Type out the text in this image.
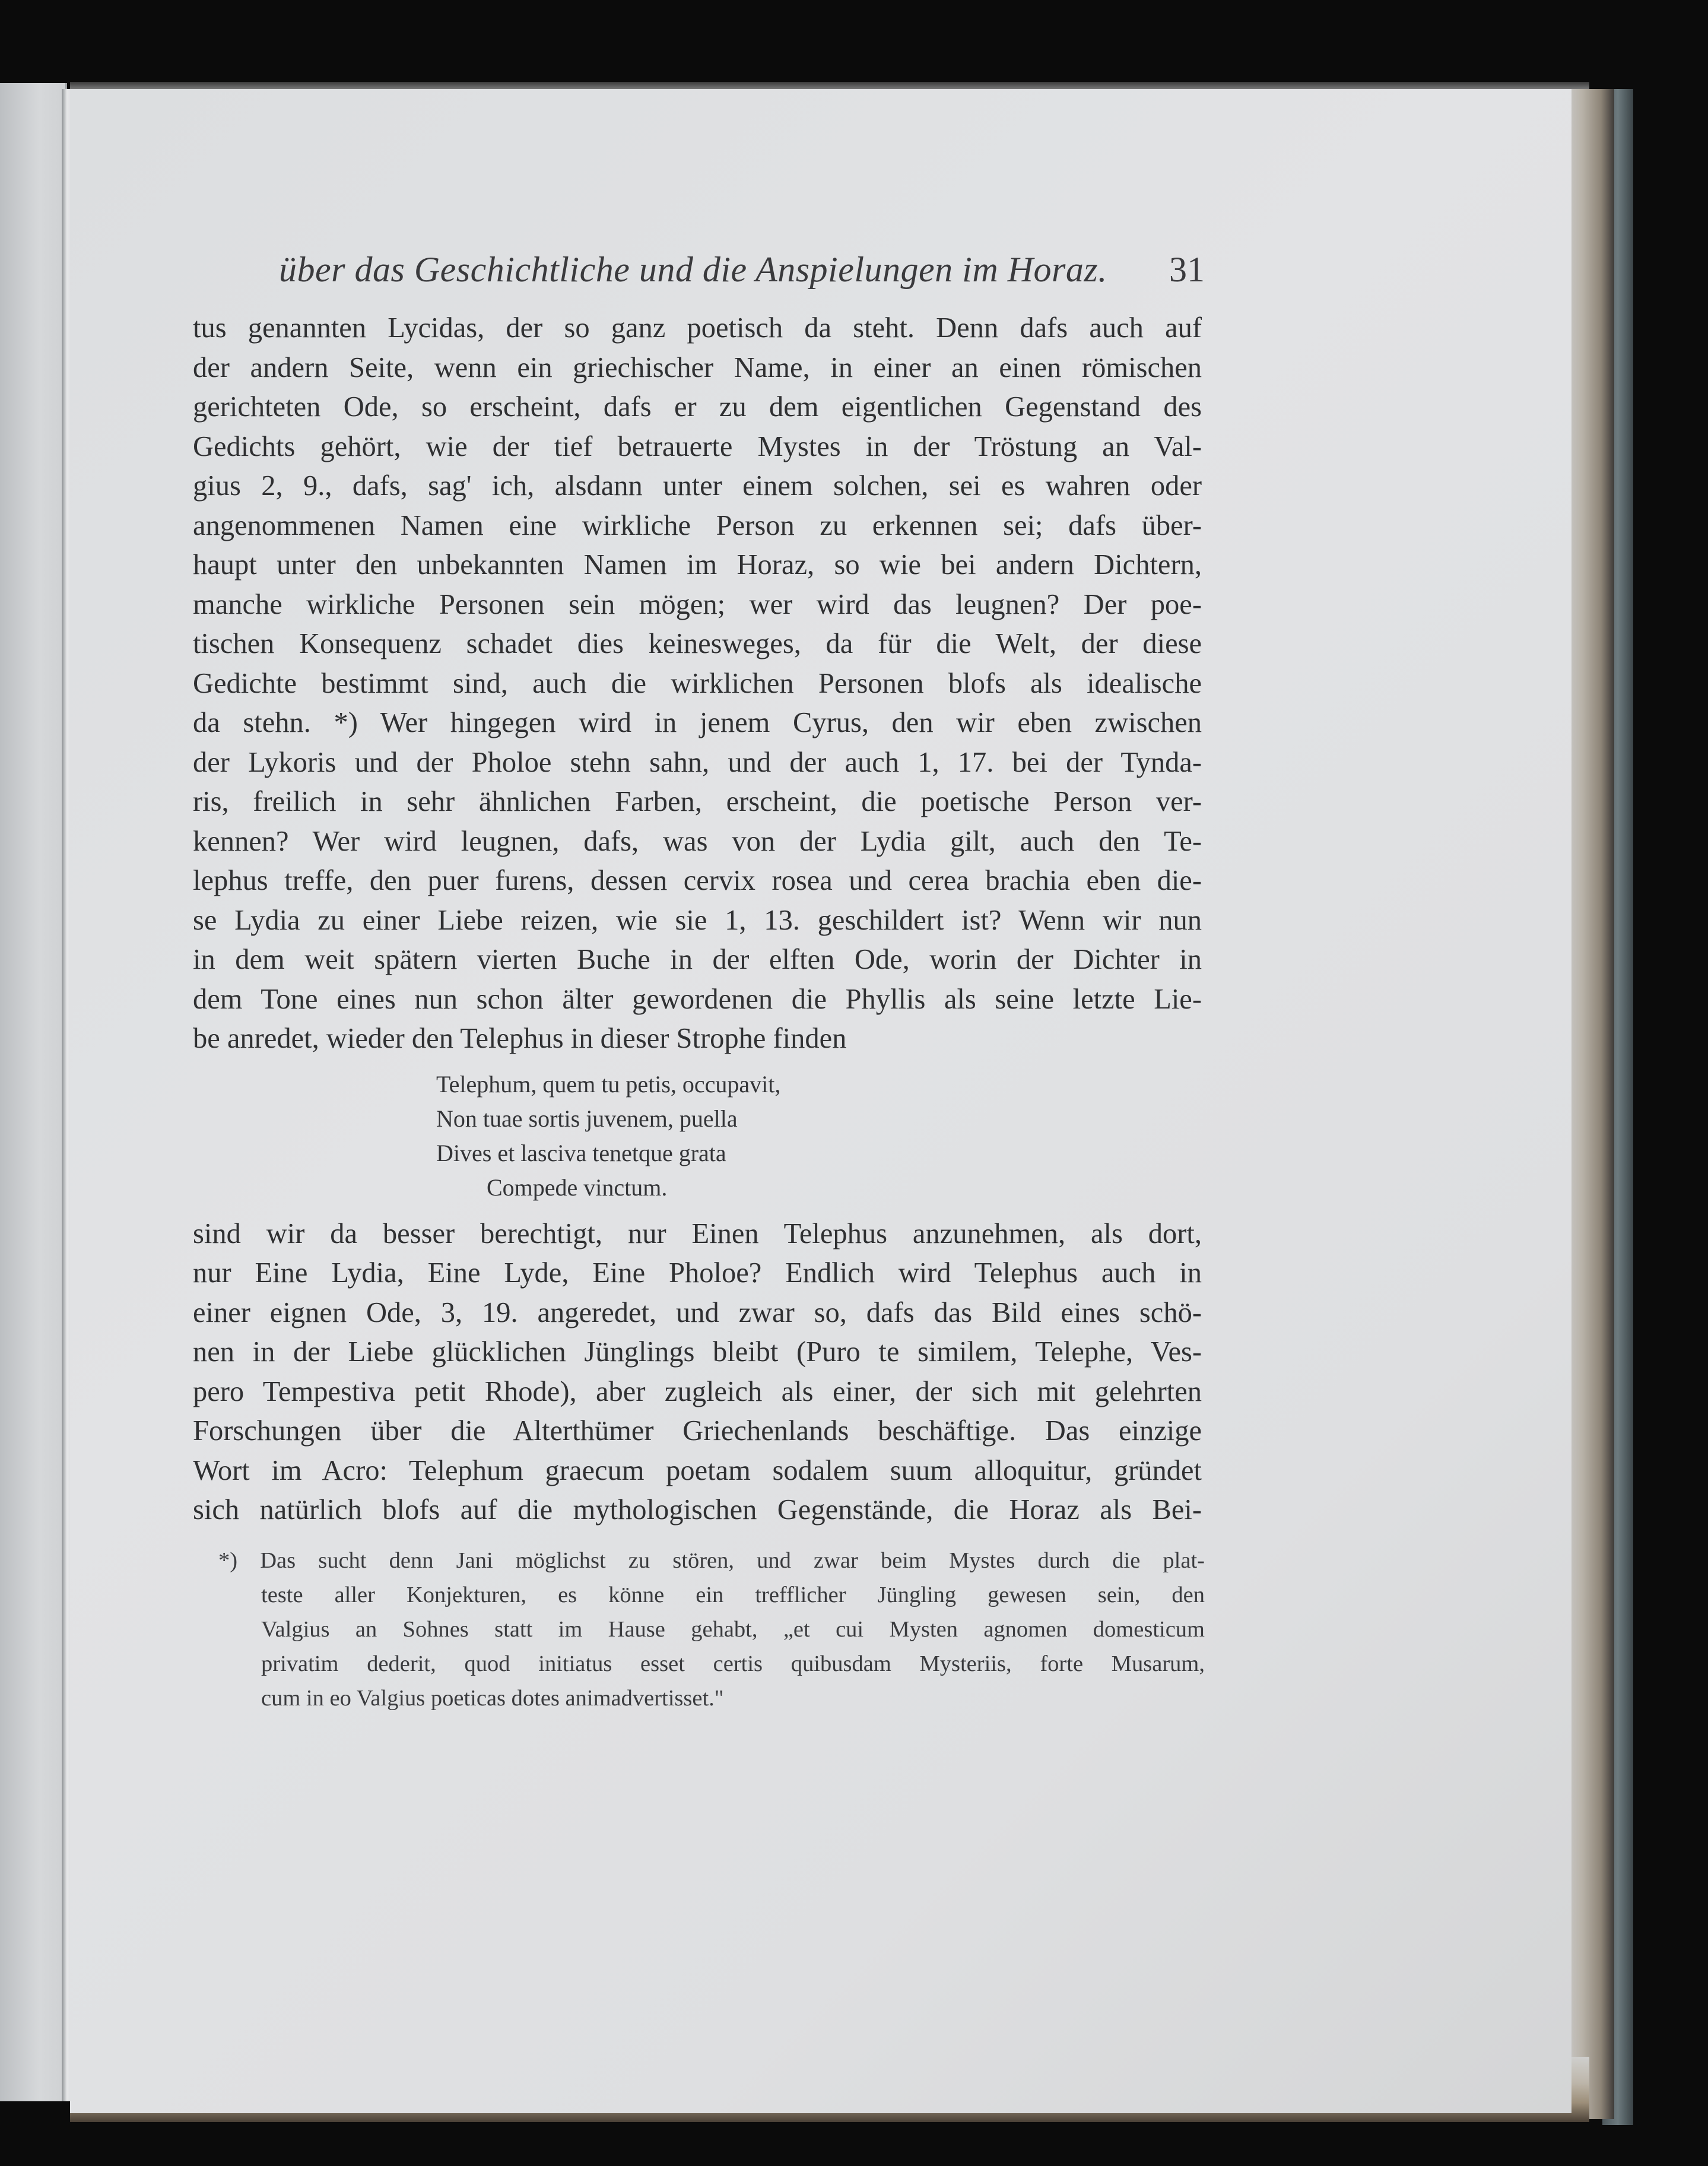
über das Geschichtliche und die Anspielungen im Horaz. 31
tus genannten Lycidas, der so ganz poetisch da steht. Denn dafs auch auf
der andern Seite, wenn ein griechischer Name, in einer an einen römischen
gerichteten Ode, so erscheint, dafs er zu dem eigentlichen Gegenstand des
Gedichts gehört, wie der tief betrauerte Mystes in der Tröstung an Val-
gius 2, 9., dafs, sag' ich, alsdann unter einem solchen, sei es wahren oder
angenommenen Namen eine wirkliche Person zu erkennen sei; dafs über-
haupt unter den unbekannten Namen im Horaz, so wie bei andern Dichtern,
manche wirkliche Personen sein mögen; wer wird das leugnen? Der poe-
tischen Konsequenz schadet dies keinesweges, da für die Welt, der diese
Gedichte bestimmt sind, auch die wirklichen Personen blofs als idealische
da stehn. *) Wer hingegen wird in jenem Cyrus, den wir eben zwischen
der Lykoris und der Pholoe stehn sahn, und der auch 1, 17. bei der Tynda-
ris, freilich in sehr ähnlichen Farben, erscheint, die poetische Person ver-
kennen? Wer wird leugnen, dafs, was von der Lydia gilt, auch den Te-
lephus treffe, den puer furens, dessen cervix rosea und cerea brachia eben die-
se Lydia zu einer Liebe reizen, wie sie 1, 13. geschildert ist? Wenn wir nun
in dem weit spätern vierten Buche in der elften Ode, worin der Dichter in
dem Tone eines nun schon älter gewordenen die Phyllis als seine letzte Lie-
be anredet, wieder den Telephus in dieser Strophe finden
Telephum, quem tu petis, occupavit,
Non tuae sortis juvenem, puella
Dives et lasciva tenetque grata
Compede vinctum.
sind wir da besser berechtigt, nur Einen Telephus anzunehmen, als dort,
nur Eine Lydia, Eine Lyde, Eine Pholoe? Endlich wird Telephus auch in
einer eignen Ode, 3, 19. angeredet, und zwar so, dafs das Bild eines schö-
nen in der Liebe glücklichen Jünglings bleibt (Puro te similem, Telephe, Ves-
pero Tempestiva petit Rhode), aber zugleich als einer, der sich mit gelehrten
Forschungen über die Alterthümer Griechenlands beschäftige. Das einzige
Wort im Acro: Telephum graecum poetam sodalem suum alloquitur, gründet
sich natürlich blofs auf die mythologischen Gegenstände, die Horaz als Bei-
*) Das sucht denn Jani möglichst zu stören, und zwar beim Mystes durch die plat-
teste aller Konjekturen, es könne ein trefflicher Jüngling gewesen sein, den
Valgius an Sohnes statt im Hause gehabt, „et cui Mysten agnomen domesticum
privatim dederit, quod initiatus esset certis quibusdam Mysteriis, forte Musarum,
cum in eo Valgius poeticas dotes animadvertisset."
